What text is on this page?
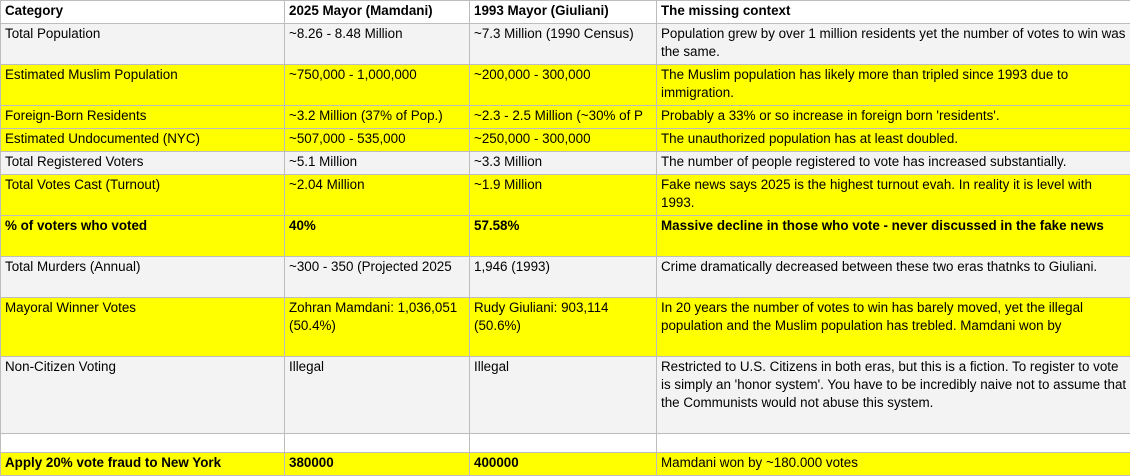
Category	2025 Mayor (Mamdani)	1993 Mayor (Giuliani)	The missing context
Total Population	~8.26 - 8.48 Million	~7.3 Million (1990 Census)	Population grew by over 1 million residents yet the number of votes to win was the same.
Estimated Muslim Population	~750,000 - 1,000,000	~200,000 - 300,000	The Muslim population has likely more than tripled since 1993 due to immigration.
Foreign-Born Residents	~3.2 Million (37% of Pop.)	~2.3 - 2.5 Million (~30% of P	Probably a 33% or so increase in foreign born 'residents'.
Estimated Undocumented (NYC)	~507,000 - 535,000	~250,000 - 300,000	The unauthorized population has at least doubled.
Total Registered Voters	~5.1 Million	~3.3 Million	The number of people registered to vote has increased substantially.
Total Votes Cast (Turnout)	~2.04 Million	~1.9 Million	Fake news says 2025 is the highest turnout evah. In reality it is level with 1993.
% of voters who voted	40%	57.58%	Massive decline in those who vote - never discussed in the fake news
Total Murders (Annual)	~300 - 350 (Projected 2025	1,946 (1993)	Crime dramatically decreased between these two eras thatnks to Giuliani.
Mayoral Winner Votes	Zohran Mamdani: 1,036,051 (50.4%)	Rudy Giuliani: 903,114 (50.6%)	In 20 years the number of votes to win has barely moved, yet the illegal population and the Muslim population has trebled. Mamdani won by
Non-Citizen Voting	Illegal	Illegal	Restricted to U.S. Citizens in both eras, but this is a fiction. To register to vote is simply an 'honor system'. You have to be incredibly naive not to assume that the Communists would not abuse this system.

Apply 20% vote fraud to New York	380000	400000	Mamdani won by ~180.000 votes
